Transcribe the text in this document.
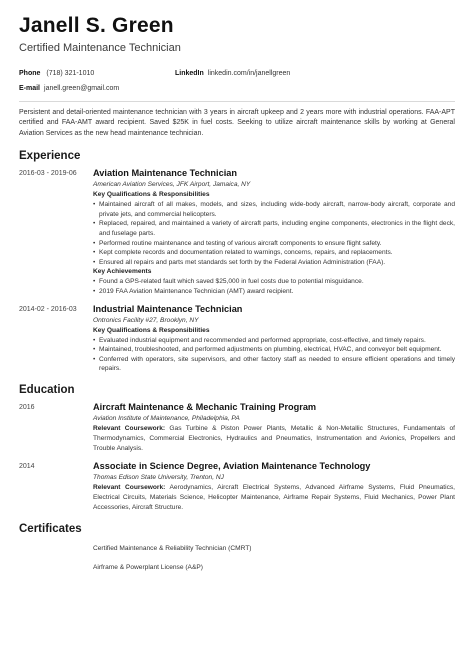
Janell S. Green
Certified Maintenance Technician
Phone (718) 321-1010	LinkedIn linkedin.com/in/janellgreen
E-mail janell.green@gmail.com
Persistent and detail-oriented maintenance technician with 3 years in aircraft upkeep and 2 years more with industrial operations. FAA-APT certified and FAA-AMT award recipient. Saved $25K in fuel costs. Seeking to utilize aircraft maintenance skills by working at General Aviation Services as the new head maintenance technician.
Experience
2016-03 - 2019-06 Aviation Maintenance Technician
American Aviation Services, JFK Airport, Jamaica, NY
Key Qualifications & Responsibilities
• Maintained aircraft of all makes, models, and sizes, including wide-body aircraft, narrow-body aircraft, corporate and private jets, and commercial helicopters.
• Replaced, repaired, and maintained a variety of aircraft parts, including engine components, electronics in the flight deck, and fuselage parts.
• Performed routine maintenance and testing of various aircraft components to ensure flight safety.
• Kept complete records and documentation related to warnings, concerns, repairs, and replacements.
• Ensured all repairs and parts met standards set forth by the Federal Aviation Administration (FAA).
Key Achievements
• Found a GPS-related fault which saved $25,000 in fuel costs due to potential misguidance.
• 2019 FAA Aviation Maintenance Technician (AMT) award recipient.
2014-02 - 2016-03 Industrial Maintenance Technician
Ontronics Facility #27, Brooklyn, NY
Key Qualifications & Responsibilities
• Evaluated industrial equipment and recommended and performed appropriate, cost-effective, and timely repairs.
• Maintained, troubleshooted, and performed adjustments on plumbing, electrical, HVAC, and conveyor belt equipment.
• Conferred with operators, site supervisors, and other factory staff as needed to ensure efficient operations and timely repairs.
Education
2016	Aircraft Maintenance & Mechanic Training Program
Aviation Institute of Maintenance, Philadelphia, PA
Relevant Coursework: Gas Turbine & Piston Power Plants, Metallic & Non-Metallic Structures, Fundamentals of Thermodynamics, Commercial Electronics, Hydraulics and Pneumatics, Instrumentation and Avionics, Propellers and Trouble Analysis.
2014	Associate in Science Degree, Aviation Maintenance Technology
Thomas Edison State University, Trenton, NJ
Relevant Coursework: Aerodynamics, Aircraft Electrical Systems, Advanced Airframe Systems, Fluid Pneumatics, Electrical Circuits, Materials Science, Helicopter Maintenance, Airframe Repair Systems, Fluid Mechanics, Power Plant Accessories, Aircraft Structure.
Certificates
Certified Maintenance & Reliability Technician (CMRT)
Airframe & Powerplant License (A&P)
